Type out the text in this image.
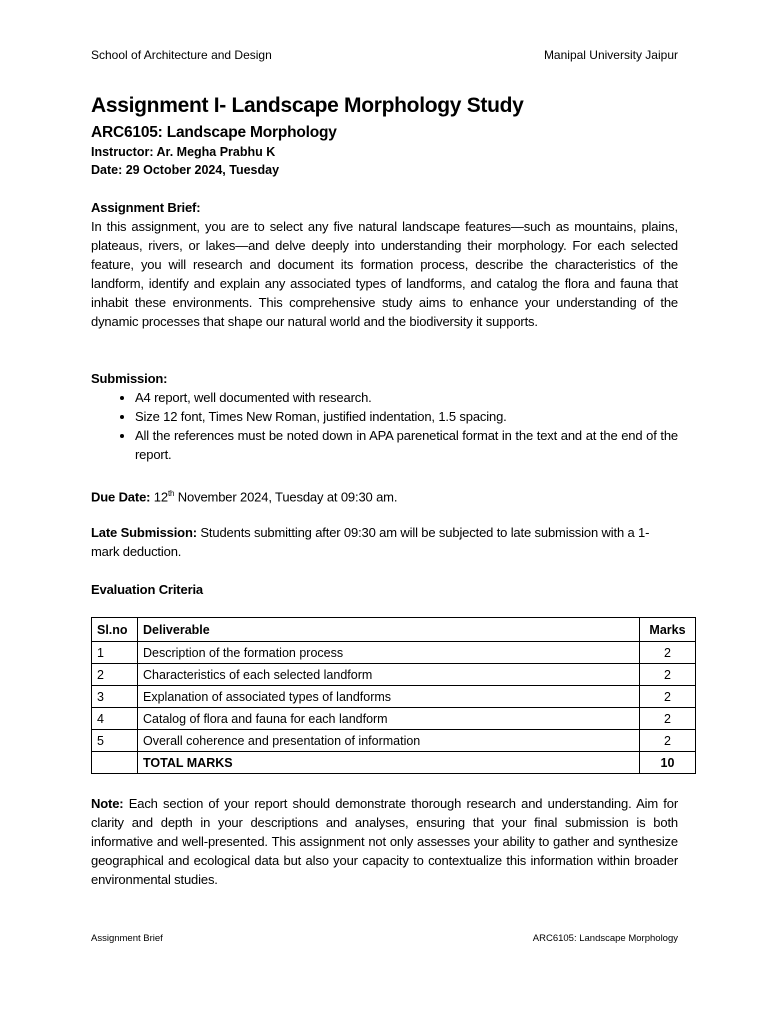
School of Architecture and Design	Manipal University Jaipur
Assignment I- Landscape Morphology Study
ARC6105: Landscape Morphology
Instructor: Ar. Megha Prabhu K
Date: 29 October 2024, Tuesday
Assignment Brief:
In this assignment, you are to select any five natural landscape features—such as mountains, plains, plateaus, rivers, or lakes—and delve deeply into understanding their morphology. For each selected feature, you will research and document its formation process, describe the characteristics of the landform, identify and explain any associated types of landforms, and catalog the flora and fauna that inhabit these environments. This comprehensive study aims to enhance your understanding of the dynamic processes that shape our natural world and the biodiversity it supports.
Submission:
• A4 report, well documented with research.
• Size 12 font, Times New Roman, justified indentation, 1.5 spacing.
• All the references must be noted down in APA parenetical format in the text and at the end of the report.
Due Date: 12th November 2024, Tuesday at 09:30 am.
Late Submission: Students submitting after 09:30 am will be subjected to late submission with a 1-mark deduction.
Evaluation Criteria
Sl.no	Deliverable	Marks
1	Description of the formation process	2
2	Characteristics of each selected landform	2
3	Explanation of associated types of landforms	2
4	Catalog of flora and fauna for each landform	2
5	Overall coherence and presentation of information	2
	TOTAL MARKS	10
Note: Each section of your report should demonstrate thorough research and understanding. Aim for clarity and depth in your descriptions and analyses, ensuring that your final submission is both informative and well-presented. This assignment not only assesses your ability to gather and synthesize geographical and ecological data but also your capacity to contextualize this information within broader environmental studies.
Assignment Brief	ARC6105: Landscape Morphology
